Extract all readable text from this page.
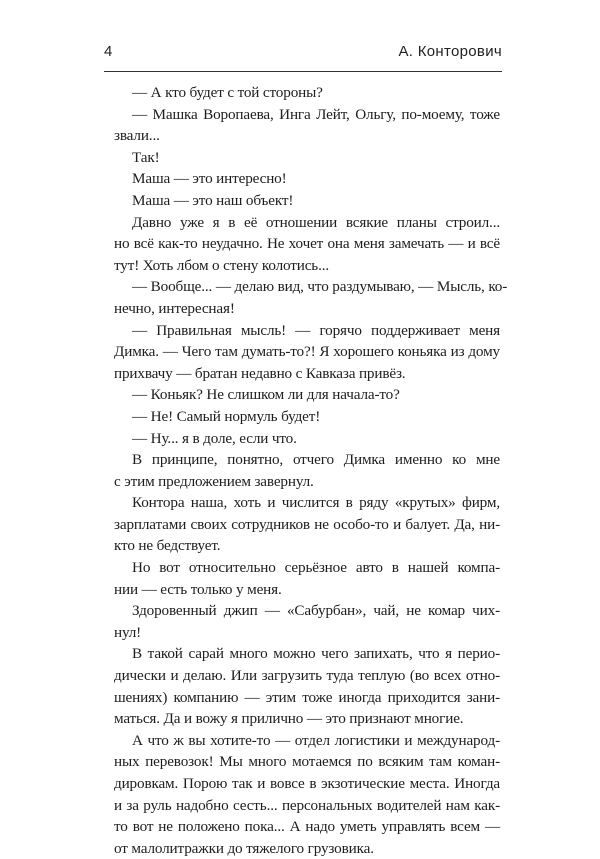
4	А. Конторович
— А кто будет с той стороны?
— Машка Воропаева, Инга Лейт, Ольгу, по-моему, тоже
звали...
Так!
Маша — это интересно!
Маша — это наш объект!
Давно уже я в её отношении всякие планы строил...
но всё как-то неудачно. Не хочет она меня замечать — и всё
тут! Хоть лбом о стену колотись...
— Вообще... — делаю вид, что раздумываю, — Мысль, ко-
нечно, интересная!
— Правильная мысль! — горячо поддерживает меня
Димка. — Чего там думать-то?! Я хорошего коньяка из дому
прихвачу — братан недавно с Кавказа привёз.
— Коньяк? Не слишком ли для начала-то?
— Не! Самый нормуль будет!
— Ну... я в доле, если что.
В принципе, понятно, отчего Димка именно ко мне
с этим предложением завернул.
Контора наша, хоть и числится в ряду «крутых» фирм,
зарплатами своих сотрудников не особо-то и балует. Да, ни-
кто не бедствует.
Но вот относительно серьёзное авто в нашей компа-
нии — есть только у меня.
Здоровенный джип — «Сабурбан», чай, не комар чих-
нул!
В такой сарай много можно чего запихать, что я перио-
дически и делаю. Или загрузить туда теплую (во всех отно-
шениях) компанию — этим тоже иногда приходится зани-
маться. Да и вожу я прилично — это признают многие.
А что ж вы хотите-то — отдел логистики и международ-
ных перевозок! Мы много мотаемся по всяким там коман-
дировкам. Порою так и вовсе в экзотические места. Иногда
и за руль надобно сесть... персональных водителей нам как-
то вот не положено пока... А надо уметь управлять всем —
от малолитражки до тяжелого грузовика.
